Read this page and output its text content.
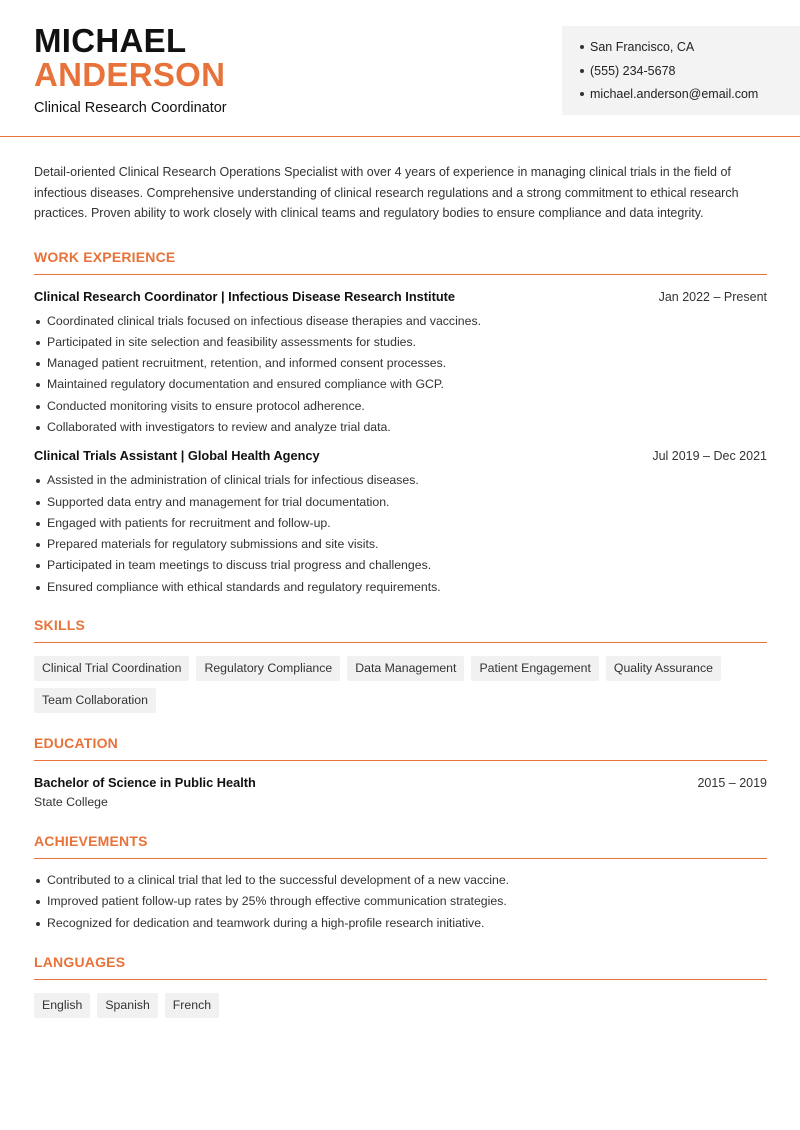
MICHAEL
ANDERSON
Clinical Research Coordinator
San Francisco, CA
(555) 234-5678
michael.anderson@email.com

Detail-oriented Clinical Research Operations Specialist with over 4 years of experience in managing clinical trials in the field of infectious diseases. Comprehensive understanding of clinical research regulations and a strong commitment to ethical research practices. Proven ability to work closely with clinical teams and regulatory bodies to ensure compliance and data integrity.

WORK EXPERIENCE
Clinical Research Coordinator | Infectious Disease Research Institute	Jan 2022 – Present
Coordinated clinical trials focused on infectious disease therapies and vaccines.
Participated in site selection and feasibility assessments for studies.
Managed patient recruitment, retention, and informed consent processes.
Maintained regulatory documentation and ensured compliance with GCP.
Conducted monitoring visits to ensure protocol adherence.
Collaborated with investigators to review and analyze trial data.
Clinical Trials Assistant | Global Health Agency	Jul 2019 – Dec 2021
Assisted in the administration of clinical trials for infectious diseases.
Supported data entry and management for trial documentation.
Engaged with patients for recruitment and follow-up.
Prepared materials for regulatory submissions and site visits.
Participated in team meetings to discuss trial progress and challenges.
Ensured compliance with ethical standards and regulatory requirements.
SKILLS
Clinical Trial Coordination	Regulatory Compliance	Data Management	Patient Engagement	Quality Assurance
Team Collaboration
EDUCATION
Bachelor of Science in Public Health	2015 – 2019
State College
ACHIEVEMENTS
Contributed to a clinical trial that led to the successful development of a new vaccine.
Improved patient follow-up rates by 25% through effective communication strategies.
Recognized for dedication and teamwork during a high-profile research initiative.
LANGUAGES
English	Spanish	French
